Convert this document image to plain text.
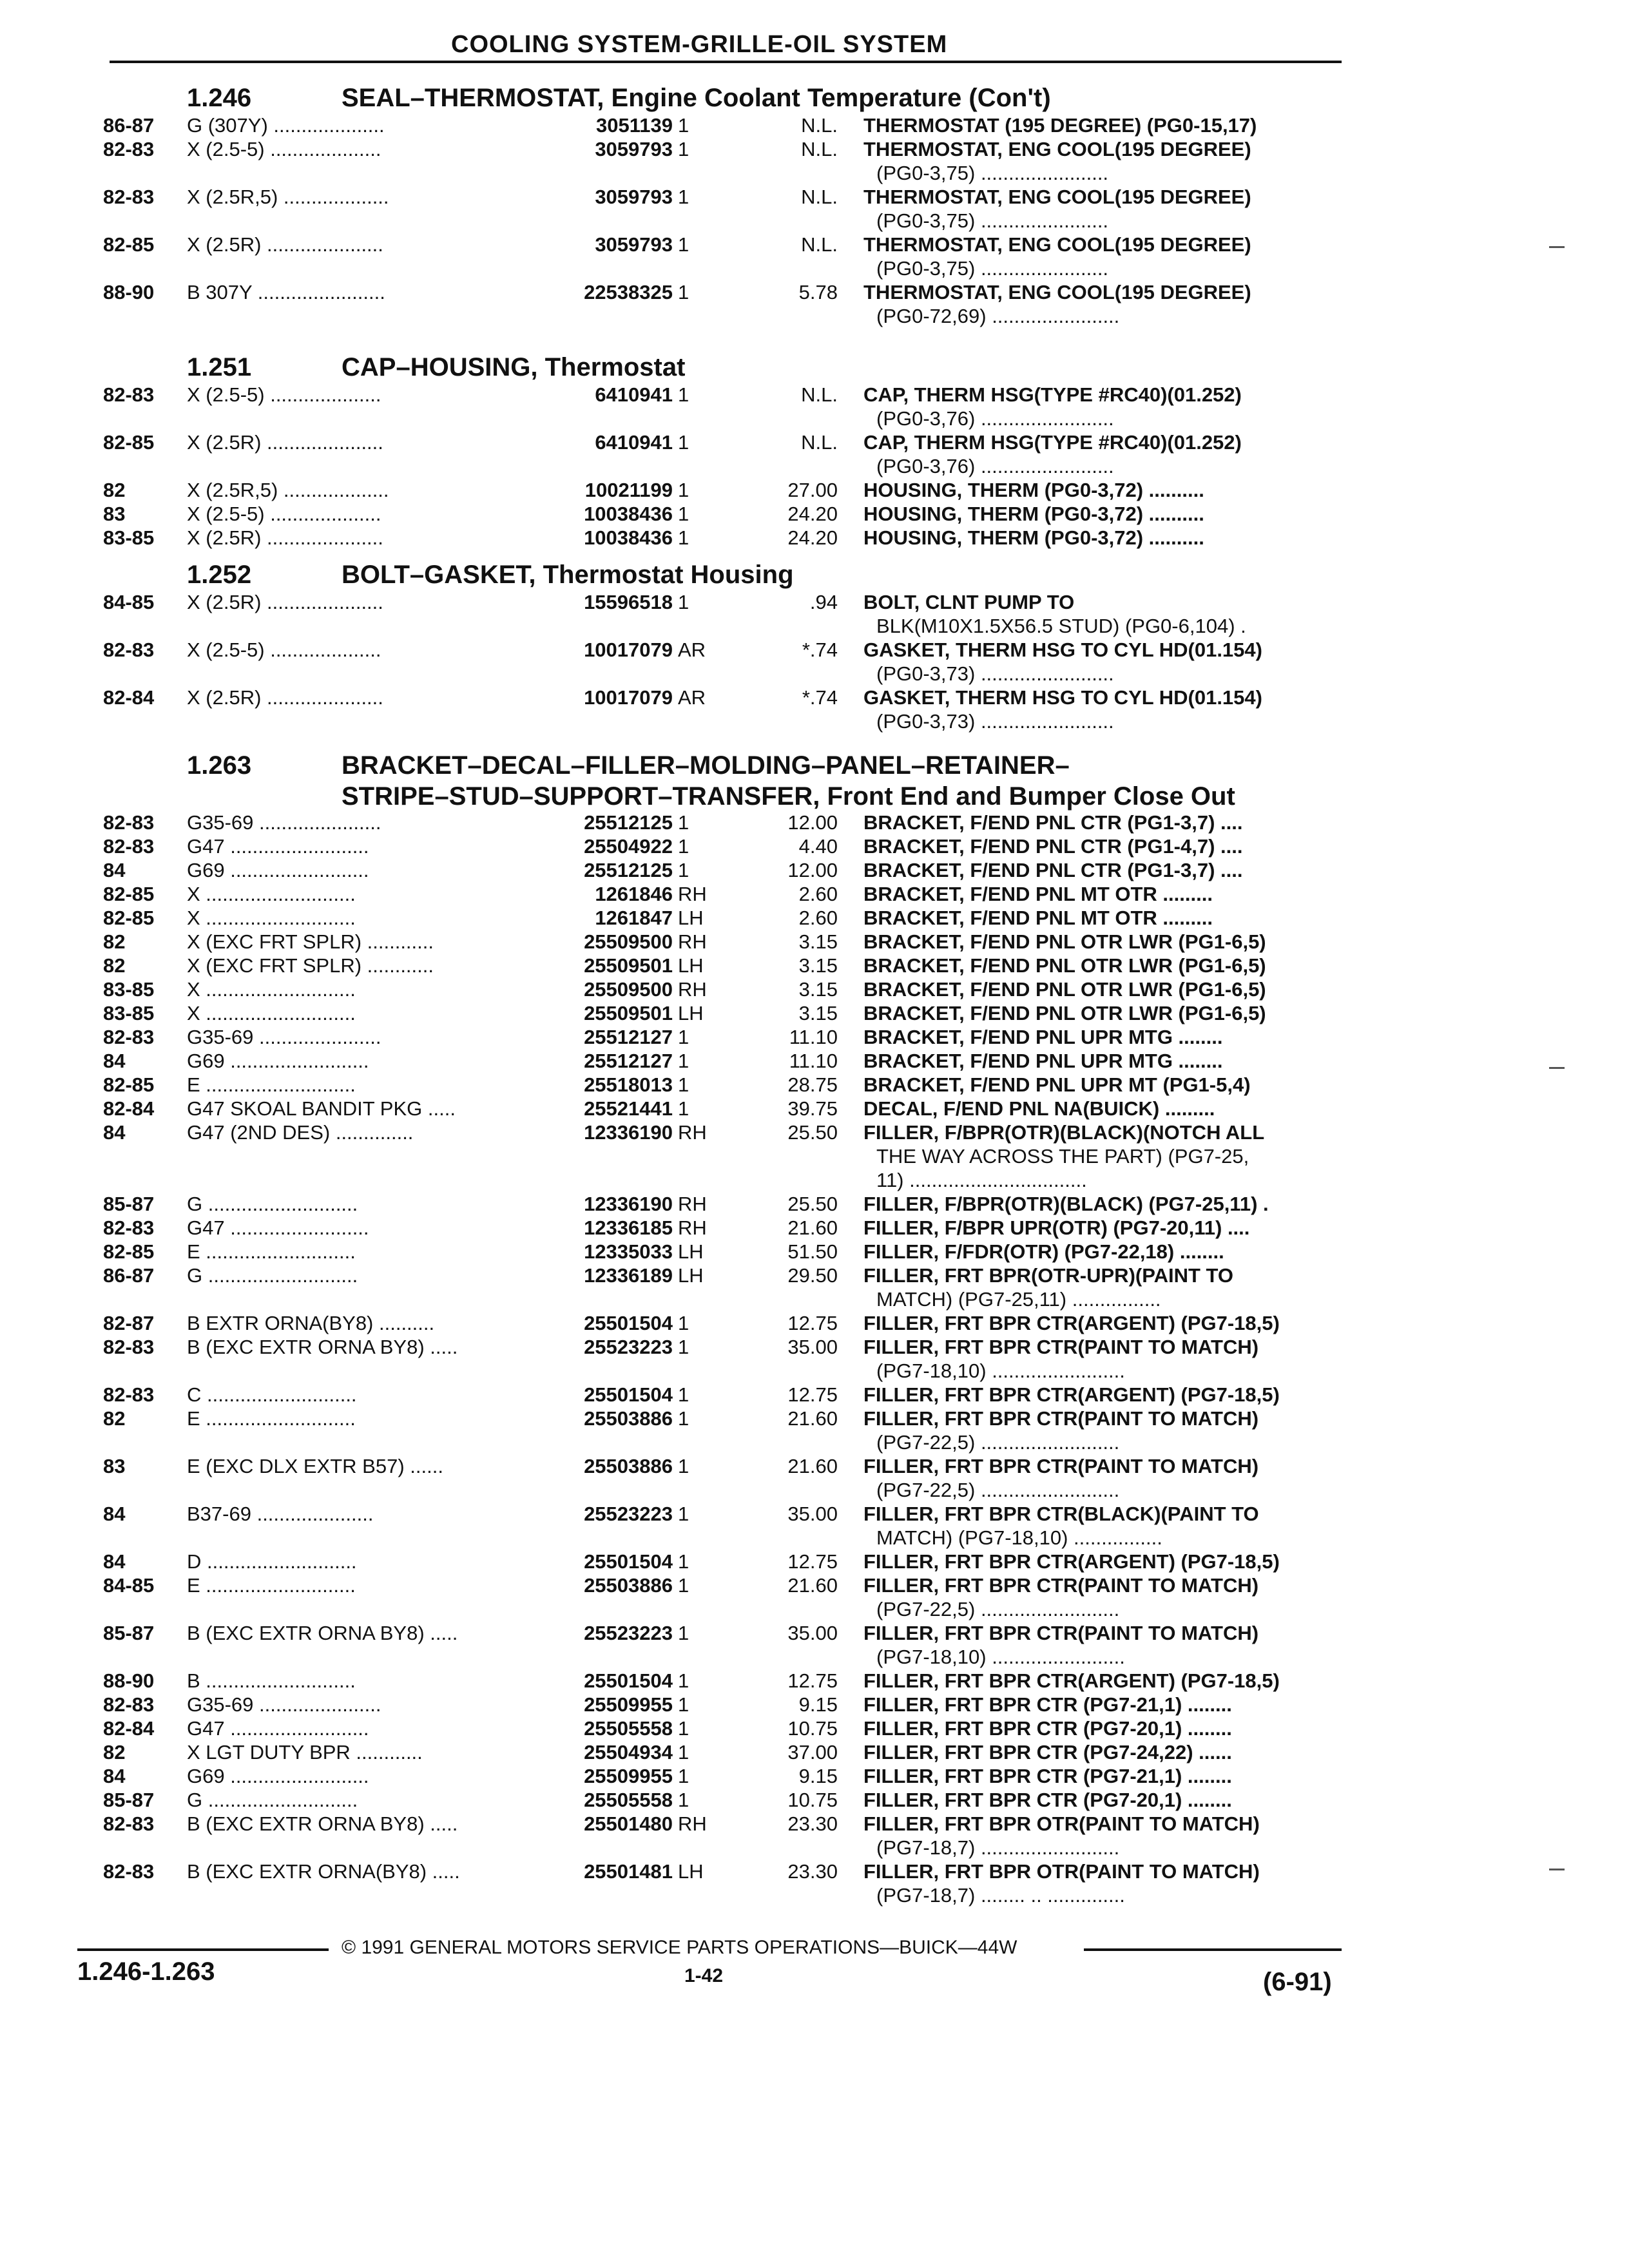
COOLING SYSTEM-GRILLE-OIL SYSTEM
1.246	SEAL–THERMOSTAT, Engine Coolant Temperature (Con't)
86-87 G (307Y) ....................	3051139 1	N.L. THERMOSTAT (195 DEGREE) (PG0-15,17)
82-83 X (2.5-5) ....................	3059793 1	N.L. THERMOSTAT, ENG COOL(195 DEGREE)
(PG0-3,75) .......................
82-83 X (2.5R,5) ...................	3059793 1	N.L. THERMOSTAT, ENG COOL(195 DEGREE)
(PG0-3,75) .......................
82-85 X (2.5R) .....................	3059793 1	N.L. THERMOSTAT, ENG COOL(195 DEGREE)
(PG0-3,75) .......................
88-90 B 307Y .......................	22538325 1	5.78 THERMOSTAT, ENG COOL(195 DEGREE)
(PG0-72,69) .......................
1.251	CAP–HOUSING, Thermostat
82-83 X (2.5-5) ....................	6410941 1	N.L. CAP, THERM HSG(TYPE #RC40)(01.252)
(PG0-3,76) ........................
82-85 X (2.5R) .....................	6410941 1	N.L. CAP, THERM HSG(TYPE #RC40)(01.252)
(PG0-3,76) ........................
82	X (2.5R,5) ...................	10021199 1	27.00 HOUSING, THERM (PG0-3,72) ..........
83	X (2.5-5) ....................	10038436 1	24.20 HOUSING, THERM (PG0-3,72) ..........
83-85 X (2.5R) .....................	10038436 1	24.20 HOUSING, THERM (PG0-3,72) ..........
1.252	BOLT–GASKET, Thermostat Housing
84-85 X (2.5R) .....................	15596518 1	.94 BOLT, CLNT PUMP TO
BLK(M10X1.5X56.5 STUD) (PG0-6,104) .
82-83 X (2.5-5) ....................	10017079 AR	*.74 GASKET, THERM HSG TO CYL HD(01.154)
(PG0-3,73) ........................
82-84 X (2.5R) .....................	10017079 AR	*.74 GASKET, THERM HSG TO CYL HD(01.154)
(PG0-3,73) ........................
1.263	BRACKET–DECAL–FILLER–MOLDING–PANEL–RETAINER–
STRIPE–STUD–SUPPORT–TRANSFER, Front End and Bumper Close Out
82-83 G35-69 ......................	25512125 1	12.00 BRACKET, F/END PNL CTR (PG1-3,7) ....
82-83 G47 .........................	25504922 1	4.40 BRACKET, F/END PNL CTR (PG1-4,7) ....
84	G69 .........................	25512125 1	12.00 BRACKET, F/END PNL CTR (PG1-3,7) ....
82-85 X ...........................	1261846 RH	2.60 BRACKET, F/END PNL MT OTR .........
82-85 X ...........................	1261847 LH	2.60 BRACKET, F/END PNL MT OTR .........
82	X (EXC FRT SPLR) ............	25509500 RH	3.15 BRACKET, F/END PNL OTR LWR (PG1-6,5)
82	X (EXC FRT SPLR) ............	25509501 LH	3.15 BRACKET, F/END PNL OTR LWR (PG1-6,5)
83-85 X ...........................	25509500 RH	3.15 BRACKET, F/END PNL OTR LWR (PG1-6,5)
83-85 X ...........................	25509501 LH	3.15 BRACKET, F/END PNL OTR LWR (PG1-6,5)
82-83 G35-69 ......................	25512127 1	11.10 BRACKET, F/END PNL UPR MTG ........
84	G69 .........................	25512127 1	11.10 BRACKET, F/END PNL UPR MTG ........
82-85 E ...........................	25518013 1	28.75 BRACKET, F/END PNL UPR MT (PG1-5,4)
82-84 G47 SKOAL BANDIT PKG .....	25521441 1	39.75 DECAL, F/END PNL NA(BUICK) .........
84	G47 (2ND DES) ..............	12336190 RH	25.50 FILLER, F/BPR(OTR)(BLACK)(NOTCH ALL
THE WAY ACROSS THE PART) (PG7-25,
11) ................................
85-87 G ...........................	12336190 RH	25.50 FILLER, F/BPR(OTR)(BLACK) (PG7-25,11) .
82-83 G47 .........................	12336185 RH	21.60 FILLER, F/BPR UPR(OTR) (PG7-20,11) ....
82-85 E ...........................	12335033 LH	51.50 FILLER, F/FDR(OTR) (PG7-22,18) ........
86-87 G ...........................	12336189 LH	29.50 FILLER, FRT BPR(OTR-UPR)(PAINT TO
MATCH) (PG7-25,11) ................
82-87 B EXTR ORNA(BY8) ..........	25501504 1	12.75 FILLER, FRT BPR CTR(ARGENT) (PG7-18,5)
82-83 B (EXC EXTR ORNA BY8) .....	25523223 1	35.00 FILLER, FRT BPR CTR(PAINT TO MATCH)
(PG7-18,10) ........................
82-83 C ...........................	25501504 1	12.75 FILLER, FRT BPR CTR(ARGENT) (PG7-18,5)
82	E ...........................	25503886 1	21.60 FILLER, FRT BPR CTR(PAINT TO MATCH)
(PG7-22,5) .........................
83	E (EXC DLX EXTR B57) ......	25503886 1	21.60 FILLER, FRT BPR CTR(PAINT TO MATCH)
(PG7-22,5) .........................
84	B37-69 .....................	25523223 1	35.00 FILLER, FRT BPR CTR(BLACK)(PAINT TO
MATCH) (PG7-18,10) ................
84	D ...........................	25501504 1	12.75 FILLER, FRT BPR CTR(ARGENT) (PG7-18,5)
84-85 E ...........................	25503886 1	21.60 FILLER, FRT BPR CTR(PAINT TO MATCH)
(PG7-22,5) .........................
85-87 B (EXC EXTR ORNA BY8) .....	25523223 1	35.00 FILLER, FRT BPR CTR(PAINT TO MATCH)
(PG7-18,10) ........................
88-90 B ...........................	25501504 1	12.75 FILLER, FRT BPR CTR(ARGENT) (PG7-18,5)
82-83 G35-69 ......................	25509955 1	9.15 FILLER, FRT BPR CTR (PG7-21,1) ........
82-84 G47 .........................	25505558 1	10.75 FILLER, FRT BPR CTR (PG7-20,1) ........
82	X LGT DUTY BPR ............	25504934 1	37.00 FILLER, FRT BPR CTR (PG7-24,22) ......
84	G69 .........................	25509955 1	9.15 FILLER, FRT BPR CTR (PG7-21,1) ........
85-87 G ...........................	25505558 1	10.75 FILLER, FRT BPR CTR (PG7-20,1) ........
82-83 B (EXC EXTR ORNA BY8) .....	25501480 RH	23.30 FILLER, FRT BPR OTR(PAINT TO MATCH)
(PG7-18,7) .........................
82-83 B (EXC EXTR ORNA(BY8) .....	25501481 LH	23.30 FILLER, FRT BPR OTR(PAINT TO MATCH)
(PG7-18,7) ........ .. ..............
© 1991 GENERAL MOTORS SERVICE PARTS OPERATIONS—BUICK—44W
1.246-1.263	1-42	(6-91)
